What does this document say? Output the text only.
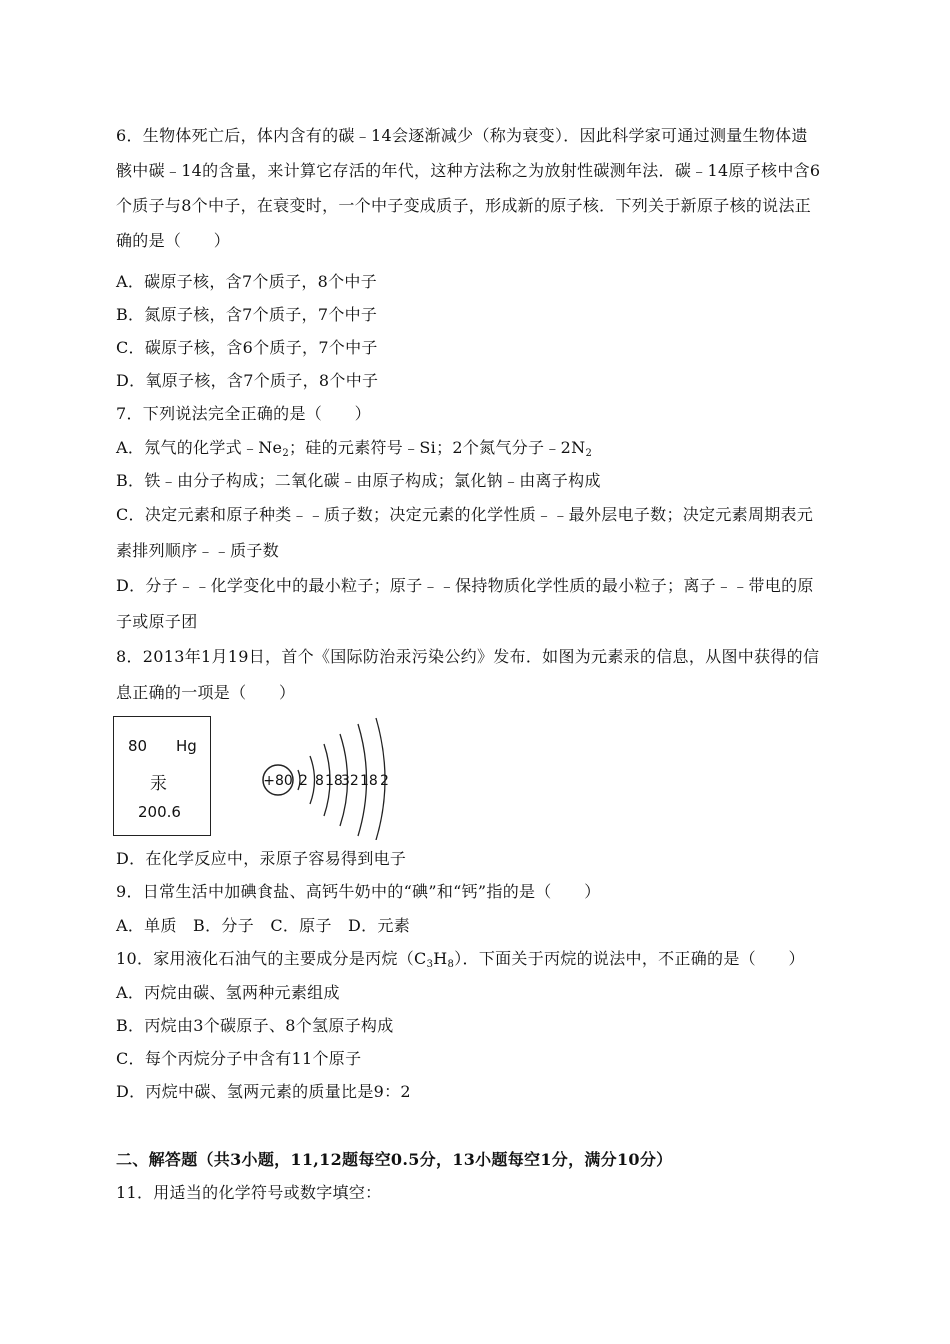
6．生物体死亡后，体内含有的碳﹣14会逐渐减少（称为衰变）．因此科学家可通过测量生物体遗
骸中碳﹣14的含量，来计算它存活的年代，这种方法称之为放射性碳测年法．碳﹣14原子核中含6
个质子与8个中子，在衰变时，一个中子变成质子，形成新的原子核．下列关于新原子核的说法正
确的是（　　）
A．碳原子核，含7个质子，8个中子
B．氮原子核，含7个质子，7个中子
C．碳原子核，含6个质子，7个中子
D．氧原子核，含7个质子，8个中子
7．下列说法完全正确的是（　　）
A．氖气的化学式$﹣Ne_2$；硅的元素符号﹣Si；2个氮气分子$﹣2N_2$
B．铁﹣由分子构成；二氧化碳﹣由原子构成；氯化钠﹣由离子构成
C．决定元素和原子种类﹣﹣质子数；决定元素的化学性质﹣﹣最外层电子数；决定元素周期表元
素排列顺序﹣﹣质子数
D．分子﹣﹣化学变化中的最小粒子；原子﹣﹣保持物质化学性质的最小粒子；离子﹣﹣带电的原
子或原子团
8．2013年1月19日，首个《国际防治汞污染公约》发布．如图为元素汞的信息，从图中获得的信
息正确的一项是（　　）
80 Hg
汞
200.6
+80 2 8 18
32 18 2
D．在化学反应中，汞原子容易得到电子
9．日常生活中加碘食盐、高钙牛奶中的“碘”和“钙”指的是（　　）
A．单质　B．分子　C．原子　D．元素
10．家用液化石油气的主要成分是丙烷$(C_3H_8)$．下面关于丙烷的说法中，不正确的是（　　）
A．丙烷由碳、氢两种元素组成
B．丙烷由3个碳原子、8个氢原子构成
C．每个丙烷分子中含有11个原子
D．丙烷中碳、氢两元素的质量比是9：2
二、解答题（共3小题，11,12题每空0.5分，13小题每空1分，满分10分）
11．用适当的化学符号或数字填空：
